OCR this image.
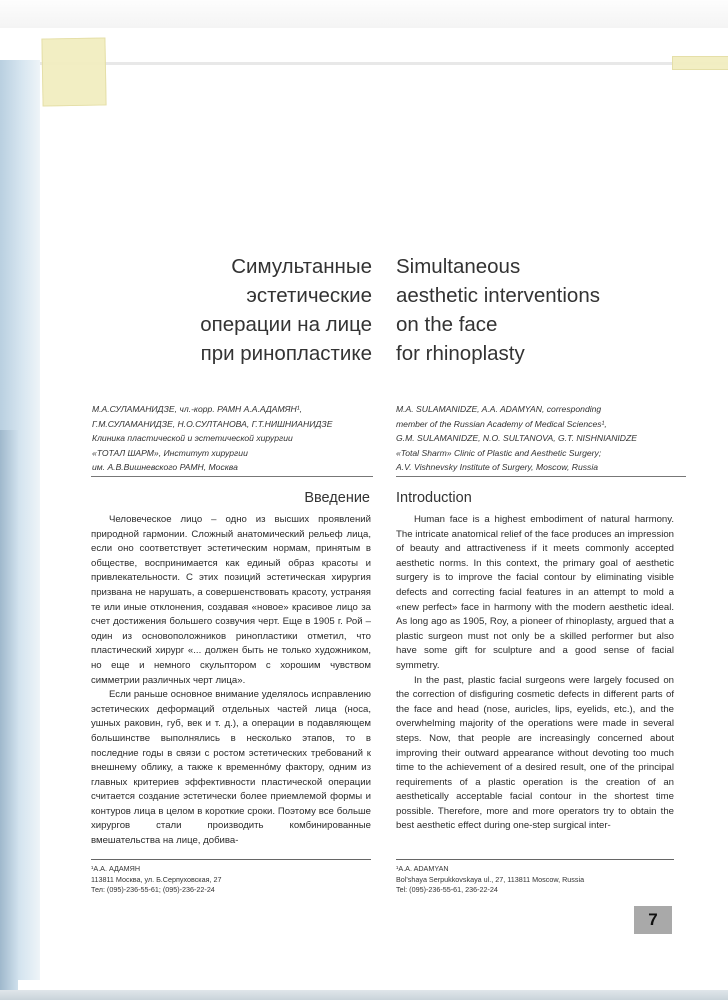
Симультанные
эстетические
операции на лице
при ринопластике
Simultaneous
aesthetic interventions
on the face
for rhinoplasty

М.А.СУЛАМАНИДЗЕ, чл.-корр. РАМН А.А.АДАМЯН¹,

Г.М.СУЛАМАНИДЗЕ, Н.О.СУЛТАНОВА, Г.Т.НИШНИАНИДЗЕ

Клиника пластической и эстетической хирургии

«ТОТАЛ ШАРМ», Институт хирургии

им. А.В.Вишневского РАМН, Москва

M.A. SULAMANIDZE, A.A. ADAMYAN, corresponding

member of the Russian Academy of Medical Sciences¹,

G.M. SULAMANIDZE, N.O. SULTANOVA, G.T. NISHNIANIDZE

«Total Sharm» Clinic of Plastic and Aesthetic Surgery;

A.V. Vishnevsky Institute of Surgery, Moscow, Russia

Введение Introduction

Человеческое лицо – одно из высших проявлений природной гармонии. Сложный анатомический рельеф лица, если оно соответствует эстетическим нормам, принятым в обществе, воспринимается как единый образ красоты и привлекательности. С этих позиций эстетическая хирургия призвана не нарушать, а совершенствовать красоту, устраняя те или иные отклонения, создавая «новое» красивое лицо за счет достижения большего созвучия черт. Еще в 1905 г. Рой – один из основоположников ринопластики отметил, что пластический хирург «... должен быть не только художником, но еще и немного скульптором с хорошим чувством симметрии различных черт лица».

Если раньше основное внимание уделялось исправлению эстетических деформаций отдельных частей лица (носа, ушных раковин, губ, век и т. д.), а операции в подавляющем большинстве выполнялись в несколько этапов, то в последние годы в связи с ростом эстетических требований к внешнему облику, а также к временно́му фактору, одним из главных критериев эффективности пластической операции считается создание эстетически более приемлемой формы и контуров лица в целом в короткие сроки. Поэтому все больше хирургов стали производить комбинированные вмешательства на лице, добива-

Human face is a highest embodiment of natural harmony. The intricate anatomical relief of the face produces an impression of beauty and attractiveness if it meets commonly accepted aesthetic norms. In this context, the primary goal of aesthetic surgery is to improve the facial contour by eliminating visible defects and correcting facial features in an attempt to mold a «new perfect» face in harmony with the modern aesthetic ideal. As long ago as 1905, Roy, a pioneer of rhinoplasty, argued that a plastic surgeon must not only be a skilled performer but also have some gift for sculpture and a good sense of facial symmetry.

In the past, plastic facial surgeons were largely focused on the correction of disfiguring cosmetic defects in different parts of the face and head (nose, auricles, lips, eyelids, etc.), and the overwhelming majority of the operations were made in several steps. Now, that people are increasingly concerned about improving their outward appearance without devoting too much time to the achievement of a desired result, one of the principal requirements of a plastic operation is the creation of an aesthetically acceptable facial contour in the shortest time possible. Therefore, more and more operators try to obtain the best aesthetic effect during one-step surgical inter-

¹А.А. АДАМЯН

113811 Москва, ул. Б.Серпуховская, 27

Тел: (095)-236-55-61; (095)-236-22-24

¹A.A. ADAMYAN

Bol'shaya Serpukkovskaya ul., 27, 113811 Moscow, Russia

Tel: (095)-236-55-61, 236-22-24

7
